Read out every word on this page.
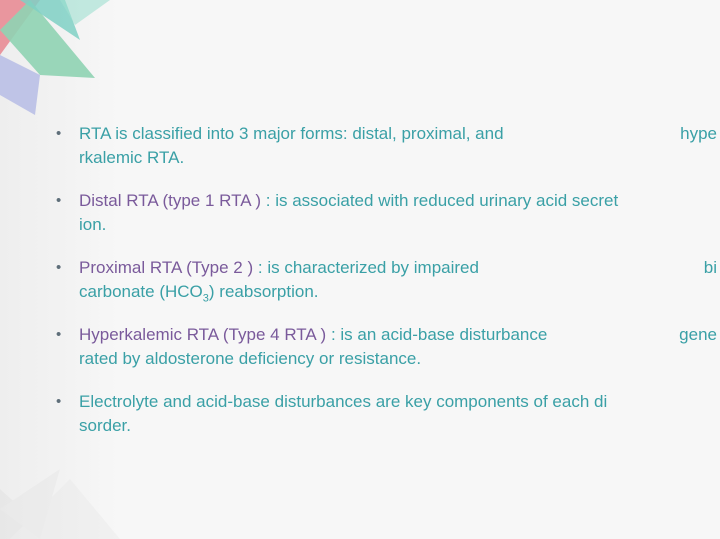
• RTA is classified into 3 major forms: distal, proximal, and	hype
rkalemic RTA.
• Distal RTA (type 1 RTA ) : is associated with reduced urinary acid secret
ion.
• Proximal RTA (Type 2 ) : is characterized by impaired	bi
carbonate $(HCO_3)$ reabsorption.
• Hyperkalemic RTA (Type 4 RTA ) : is an acid-base disturbance	gene
rated by aldosterone deficiency or resistance.
• Electrolyte and acid-base disturbances are key components of each di
sorder.
